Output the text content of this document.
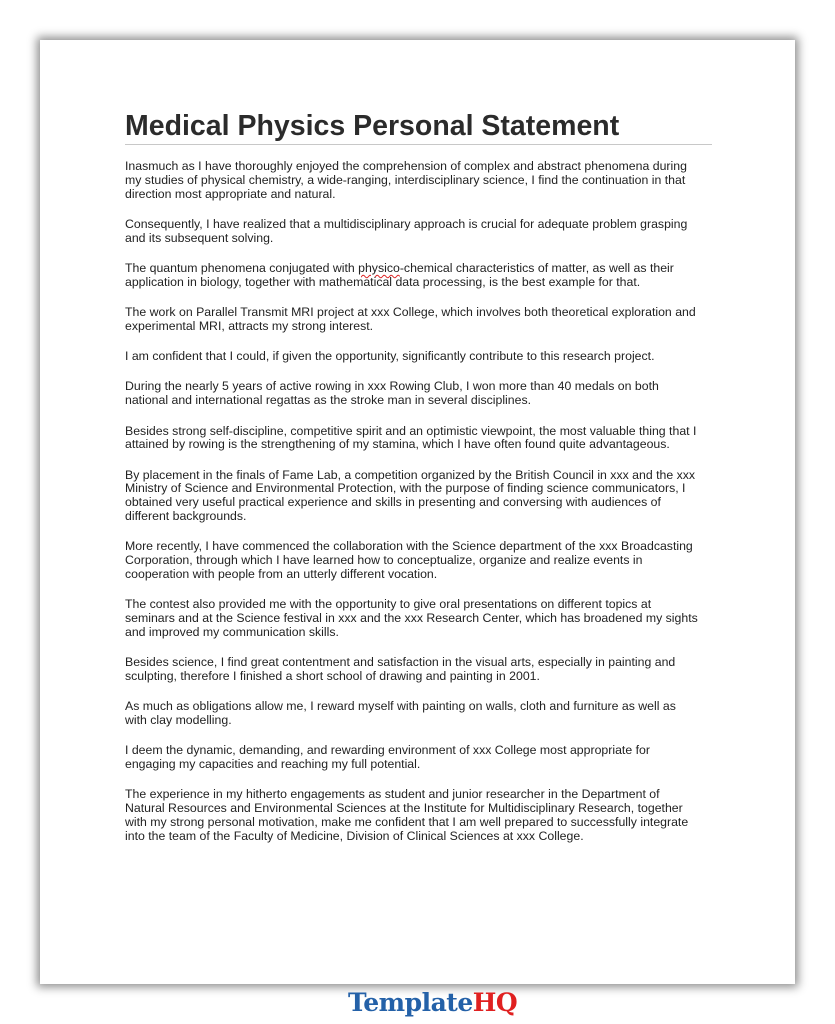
Medical Physics Personal Statement
Inasmuch as I have thoroughly enjoyed the comprehension of complex and abstract phenomena during
my studies of physical chemistry, a wide-ranging, interdisciplinary science, I find the continuation in that
direction most appropriate and natural.
Consequently, I have realized that a multidisciplinary approach is crucial for adequate problem grasping
and its subsequent solving.
The quantum phenomena conjugated with physico-chemical characteristics of matter, as well as their
application in biology, together with mathematical data processing, is the best example for that.
The work on Parallel Transmit MRI project at xxx College, which involves both theoretical exploration and
experimental MRI, attracts my strong interest.
I am confident that I could, if given the opportunity, significantly contribute to this research project.
During the nearly 5 years of active rowing in xxx Rowing Club, I won more than 40 medals on both
national and international regattas as the stroke man in several disciplines.
Besides strong self-discipline, competitive spirit and an optimistic viewpoint, the most valuable thing that I
attained by rowing is the strengthening of my stamina, which I have often found quite advantageous.
By placement in the finals of Fame Lab, a competition organized by the British Council in xxx and the xxx
Ministry of Science and Environmental Protection, with the purpose of finding science communicators, I
obtained very useful practical experience and skills in presenting and conversing with audiences of
different backgrounds.
More recently, I have commenced the collaboration with the Science department of the xxx Broadcasting
Corporation, through which I have learned how to conceptualize, organize and realize events in
cooperation with people from an utterly different vocation.
The contest also provided me with the opportunity to give oral presentations on different topics at
seminars and at the Science festival in xxx and the xxx Research Center, which has broadened my sights
and improved my communication skills.
Besides science, I find great contentment and satisfaction in the visual arts, especially in painting and
sculpting, therefore I finished a short school of drawing and painting in 2001.
As much as obligations allow me, I reward myself with painting on walls, cloth and furniture as well as
with clay modelling.
I deem the dynamic, demanding, and rewarding environment of xxx College most appropriate for
engaging my capacities and reaching my full potential.
The experience in my hitherto engagements as student and junior researcher in the Department of
Natural Resources and Environmental Sciences at the Institute for Multidisciplinary Research, together
with my strong personal motivation, make me confident that I am well prepared to successfully integrate
into the team of the Faculty of Medicine, Division of Clinical Sciences at xxx College.
TemplateHQ
